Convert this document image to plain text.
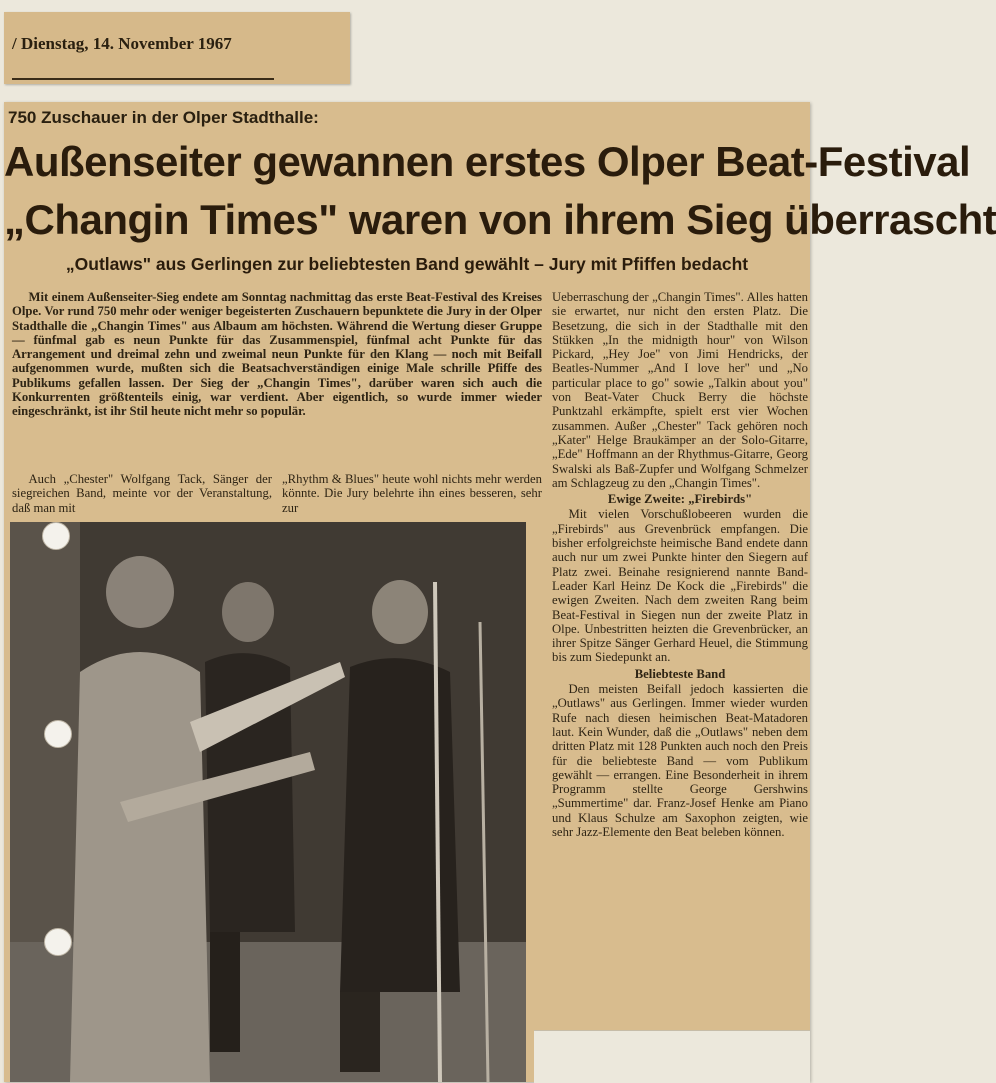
/ Dienstag, 14. November 1967
750 Zuschauer in der Olper Stadthalle:
Außenseiter gewannen erstes Olper Beat-Festival
„Changin Times" waren von ihrem Sieg überrascht
„Outlaws" aus Gerlingen zur beliebtesten Band gewählt – Jury mit Pfiffen bedacht

Mit einem Außenseiter-Sieg endete am Sonntag nachmittag das erste Beat-Festival des Kreises Olpe. Vor rund 750 mehr oder weniger begeisterten Zuschauern bepunktete die Jury in der Olper Stadthalle die „Changin Times" aus Albaum am höchsten. Während die Wertung dieser Gruppe — fünfmal gab es neun Punkte für das Zusammenspiel, fünfmal acht Punkte für das Arrangement und dreimal zehn und zweimal neun Punkte für den Klang — noch mit Beifall aufgenommen wurde, mußten sich die Beatsachverständigen einige Male schrille Pfiffe des Publikums gefallen lassen. Der Sieg der „Changin Times", darüber waren sich auch die Konkurrenten größtenteils einig, war verdient. Aber eigentlich, so wurde immer wieder eingeschränkt, ist ihr Stil heute nicht mehr so populär.

Auch „Chester" Wolfgang Tack, Sänger der siegreichen Band, meinte vor der Veranstaltung, daß man mit

„Rhythm & Blues" heute wohl nichts mehr werden könnte. Die Jury belehrte ihn eines besseren, sehr zur

Ueberraschung der „Changin Times". Alles hatten sie erwartet, nur nicht den ersten Platz. Die Besetzung, die sich in der Stadthalle mit den Stükken „In the midnigth hour" von Wilson Pickard, „Hey Joe" von Jimi Hendricks, der Beatles-Nummer „And I love her" und „No particular place to go" sowie „Talkin about you" von Beat-Vater Chuck Berry die höchste Punktzahl erkämpfte, spielt erst vier Wochen zusammen. Außer „Chester" Tack gehören noch „Kater" Helge Braukämper an der Solo-Gitarre, „Ede" Hoffmann an der Rhythmus-Gitarre, Georg Swalski als Baß-Zupfer und Wolfgang Schmelzer am Schlagzeug zu den „Changin Times".

Ewige Zweite: „Firebirds"

Mit vielen Vorschußlobeeren wurden die „Firebirds" aus Grevenbrück empfangen. Die bisher erfolgreichste heimische Band endete dann auch nur um zwei Punkte hinter den Siegern auf Platz zwei. Beinahe resignierend nannte Band-Leader Karl Heinz De Kock die „Firebirds" die ewigen Zweiten. Nach dem zweiten Rang beim Beat-Festival in Siegen nun der zweite Platz in Olpe. Unbestritten heizten die Grevenbrücker, an ihrer Spitze Sänger Gerhard Heuel, die Stimmung bis zum Siedepunkt an.

Beliebteste Band

Den meisten Beifall jedoch kassierten die „Outlaws" aus Gerlingen. Immer wieder wurden Rufe nach diesen heimischen Beat-Matadoren laut. Kein Wunder, daß die „Outlaws" neben dem dritten Platz mit 128 Punkten auch noch den Preis für die beliebteste Band — vom Publikum gewählt — errangen. Eine Besonderheit in ihrem Programm stellte George Gershwins „Summertime" dar. Franz-Josef Henke am Piano und Klaus Schulze am Saxophon zeigten, wie sehr Jazz-Elemente den Beat beleben können.
